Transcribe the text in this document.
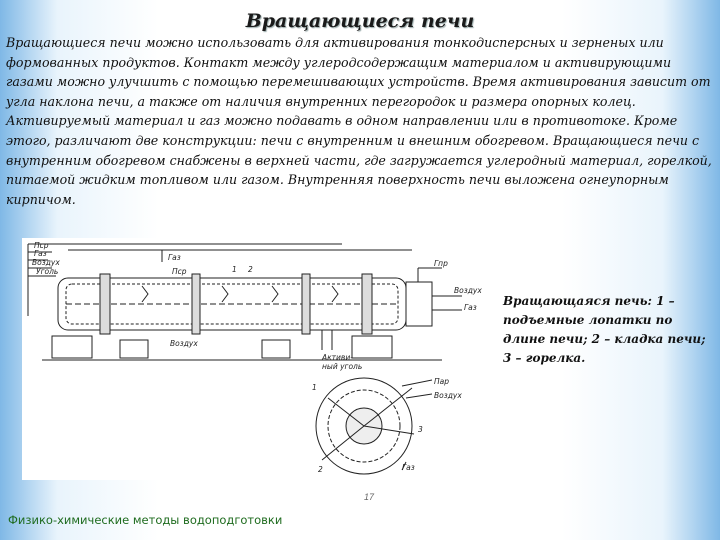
Вращающиеся печи
Вращающиеся печи можно использовать для активирования тонкодисперсных и зерненых или формованных продуктов. Контакт между углеродсодержащим материалом и активирующими газами можно улучшить с помощью перемешивающих устройств. Время активирования зависит от угла наклона печи, а также от наличия внутренних перегородок и размера опорных колец. Активируемый материал и газ можно подавать в одном направлении или в противотоке. Кроме этого, различают две конструкции: печи с внутренним и внешним обогревом. Вращающиеся печи с внутренним обогревом снабжены в верхней части, где загружается углеродный материал, горелкой, питаемой жидким топливом или газом. Внутренняя поверхность печи выложена огнеупорным кирпичом.
Пср
Газ
Воздух
Уголь
Газ
Пср	1 2
Гпр
Воздух
Газ
Воздух
Активи-
ный уголь
Пар
Воздух
1
2
3
Газ
Вращающаяся печь: 1 – подъемные лопатки по длине печи; 2 – кладка печи; 3 – горелка.
17
Физико-химические методы водоподготовки
